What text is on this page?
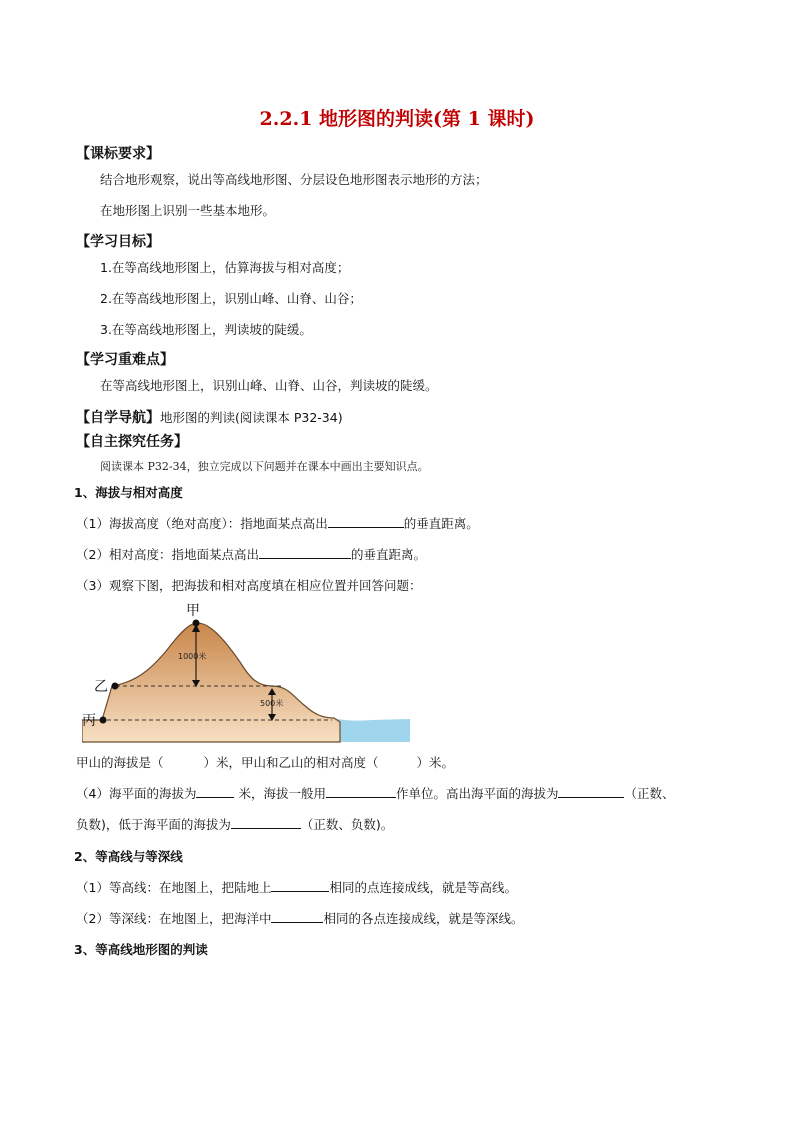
2.2.1 地形图的判读(第 1 课时)
【课标要求】
结合地形观察，说出等高线地形图、分层设色地形图表示地形的方法；
在地形图上识别一些基本地形。
【学习目标】
1.在等高线地形图上，估算海拔与相对高度；
2.在等高线地形图上，识别山峰、山脊、山谷；
3.在等高线地形图上，判读坡的陡缓。
【学习重难点】
在等高线地形图上，识别山峰、山脊、山谷，判读坡的陡缓。
【自学导航】地形图的判读(阅读课本 P32-34)
【自主探究任务】
阅读课本 P32-34，独立完成以下问题并在课本中画出主要知识点。
1、海拔与相对高度
（1）海拔高度（绝对高度）：指地面某点高出	的垂直距离。
（2）相对高度：指地面某点高出	的垂直距离。
（3）观察下图，把海拔和相对高度填在相应位置并回答问题：
甲
乙
丙
1000米
500米
甲山的海拔是（	）米，甲山和乙山的相对高度（	）米。
（4）海平面的海拔为	米，海拔一般用	作单位。高出海平面的海拔为	（正数、
负数)，低于海平面的海拔为	（正数、负数)。
2、等高线与等深线
（1）等高线：在地图上，把陆地上	相同的点连接成线，就是等高线。
（2）等深线：在地图上，把海洋中	相同的各点连接成线，就是等深线。
3、等高线地形图的判读
